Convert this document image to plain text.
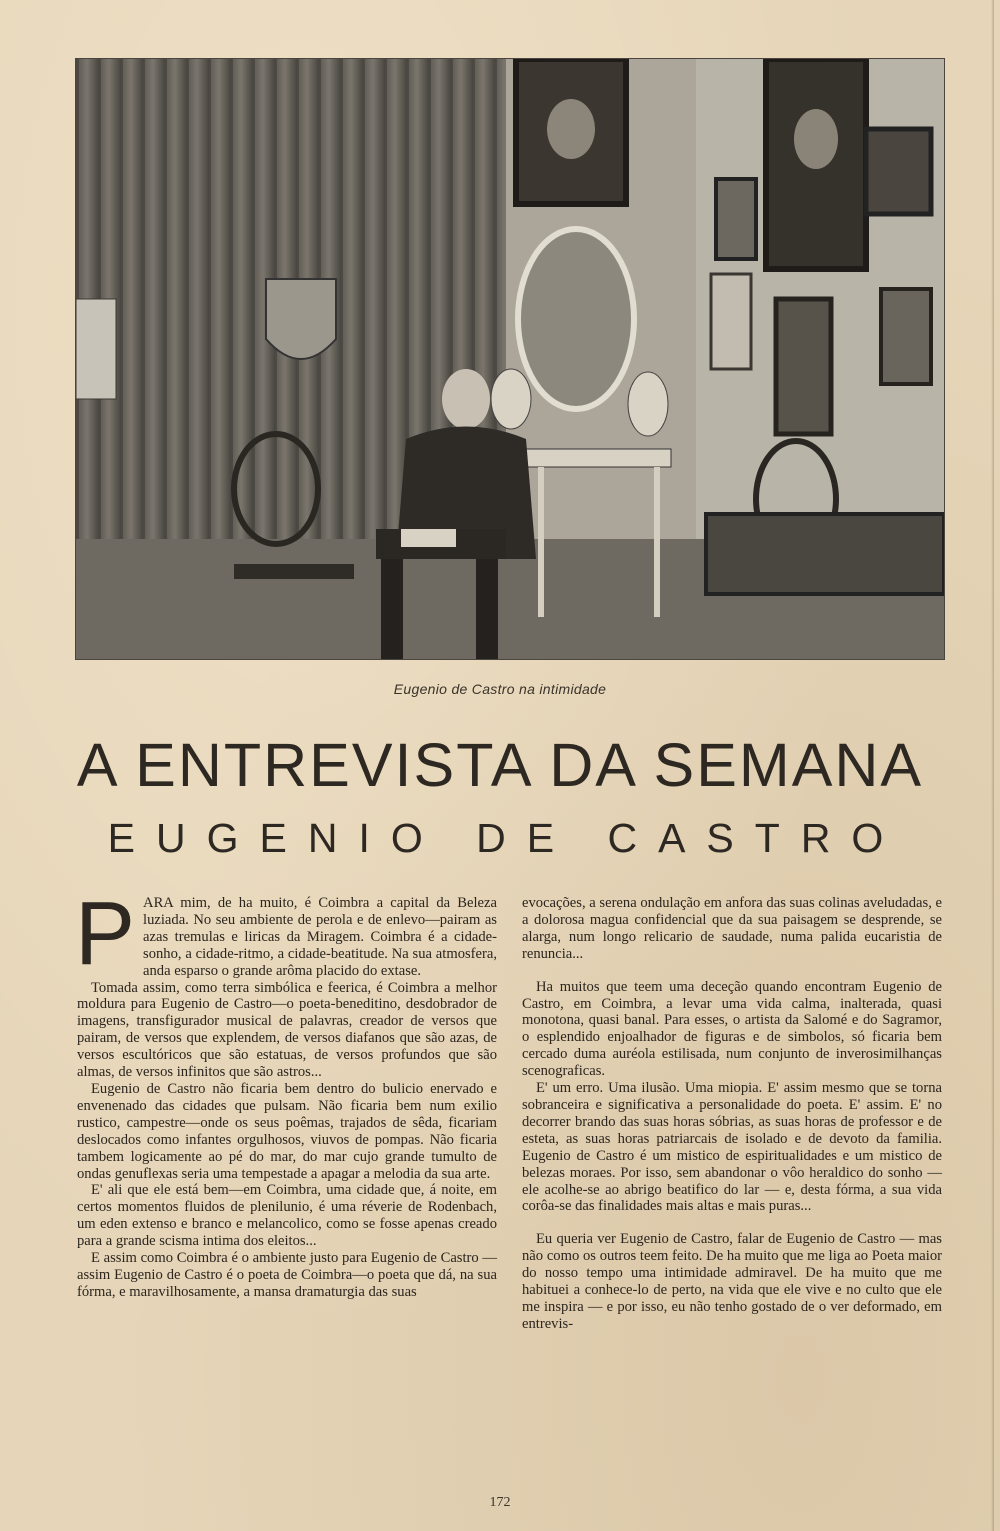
Eugenio de Castro na intimidade
A ENTREVISTA DA SEMANA
EUGENIO DE CASTRO

PARA mim, de ha muito, é Coimbra a capital da Beleza luziada. No seu ambiente de perola e de enlevo—pairam as azas tremulas e liricas da Miragem. Coimbra é a cidade-sonho, a cidade-ritmo, a cidade-beatitude. Na sua atmosfera, anda esparso o grande arôma placido do extase.

Tomada assim, como terra simbólica e feerica, é Coimbra a melhor moldura para Eugenio de Castro—o poeta-beneditino, desdobrador de imagens, transfigurador musical de palavras, creador de versos que pairam, de versos que explendem, de versos diafanos que são azas, de versos escultóricos que são estatuas, de versos profundos que são almas, de versos infinitos que são astros...

Eugenio de Castro não ficaria bem dentro do bulicio enervado e envenenado das cidades que pulsam. Não ficaria bem num exilio rustico, campestre—onde os seus poêmas, trajados de sêda, ficariam deslocados como infantes orgulhosos, viuvos de pompas. Não ficaria tambem logicamente ao pé do mar, do mar cujo grande tumulto de ondas genuflexas seria uma tempestade a apagar a melodia da sua arte.

E' ali que ele está bem—em Coimbra, uma cidade que, á noite, em certos momentos fluidos de plenilunio, é uma réverie de Rodenbach, um eden extenso e branco e melancolico, como se fosse apenas creado para a grande scisma intima dos eleitos...

E assim como Coimbra é o ambiente justo para Eugenio de Castro — assim Eugenio de Castro é o poeta de Coimbra—o poeta que dá, na sua fórma, e maravilhosamente, a mansa dramaturgia das suas

evocações, a serena ondulação em anfora das suas colinas aveludadas, e a dolorosa magua confidencial que da sua paisagem se desprende, se alarga, num longo relicario de saudade, numa palida eucaristia de renuncia...

Ha muitos que teem uma deceção quando encontram Eugenio de Castro, em Coimbra, a levar uma vida calma, inalterada, quasi monotona, quasi banal. Para esses, o artista da Salomé e do Sagramor, o esplendido enjoalhador de figuras e de simbolos, só ficaria bem cercado duma auréola estilisada, num conjunto de inverosimilhanças scenograficas.

E' um erro. Uma ilusão. Uma miopia. E' assim mesmo que se torna sobranceira e significativa a personalidade do poeta. E' assim. E' no decorrer brando das suas horas sóbrias, as suas horas de professor e de esteta, as suas horas patriarcais de isolado e de devoto da familia. Eugenio de Castro é um mistico de espiritualidades e um mistico de belezas moraes. Por isso, sem abandonar o vôo heraldico do sonho — ele acolhe-se ao abrigo beatifico do lar — e, desta fórma, a sua vida corôa-se das finalidades mais altas e mais puras...

Eu queria ver Eugenio de Castro, falar de Eugenio de Castro — mas não como os outros teem feito. De ha muito que me liga ao Poeta maior do nosso tempo uma intimidade admiravel. De ha muito que me habituei a conhece-lo de perto, na vida que ele vive e no culto que ele me inspira — e por isso, eu não tenho gostado de o ver deformado, em entrevis-

172
